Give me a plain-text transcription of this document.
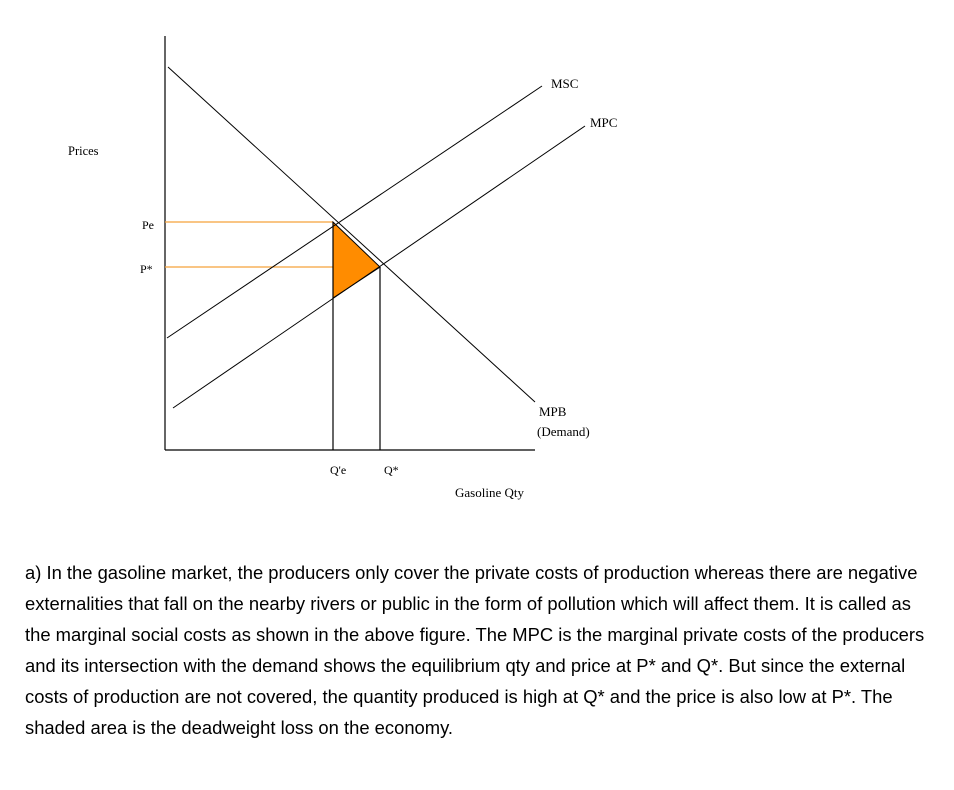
Prices
Gasoline Qty
MSC
MPC
MPB
(Demand)
Pe
P*
Q'e	Q*

a) In the gasoline market, the producers only cover the private costs of production whereas there are negative externalities that fall on the nearby rivers or public in the form of pollution which will affect them. It is called as the marginal social costs as shown in the above figure. The MPC is the marginal private costs of the producers and its intersection with the demand shows the equilibrium qty and price at P* and Q*. But since the external costs of production are not covered, the quantity produced is high at Q* and the price is also low at P*. The shaded area is the deadweight loss on the economy.
